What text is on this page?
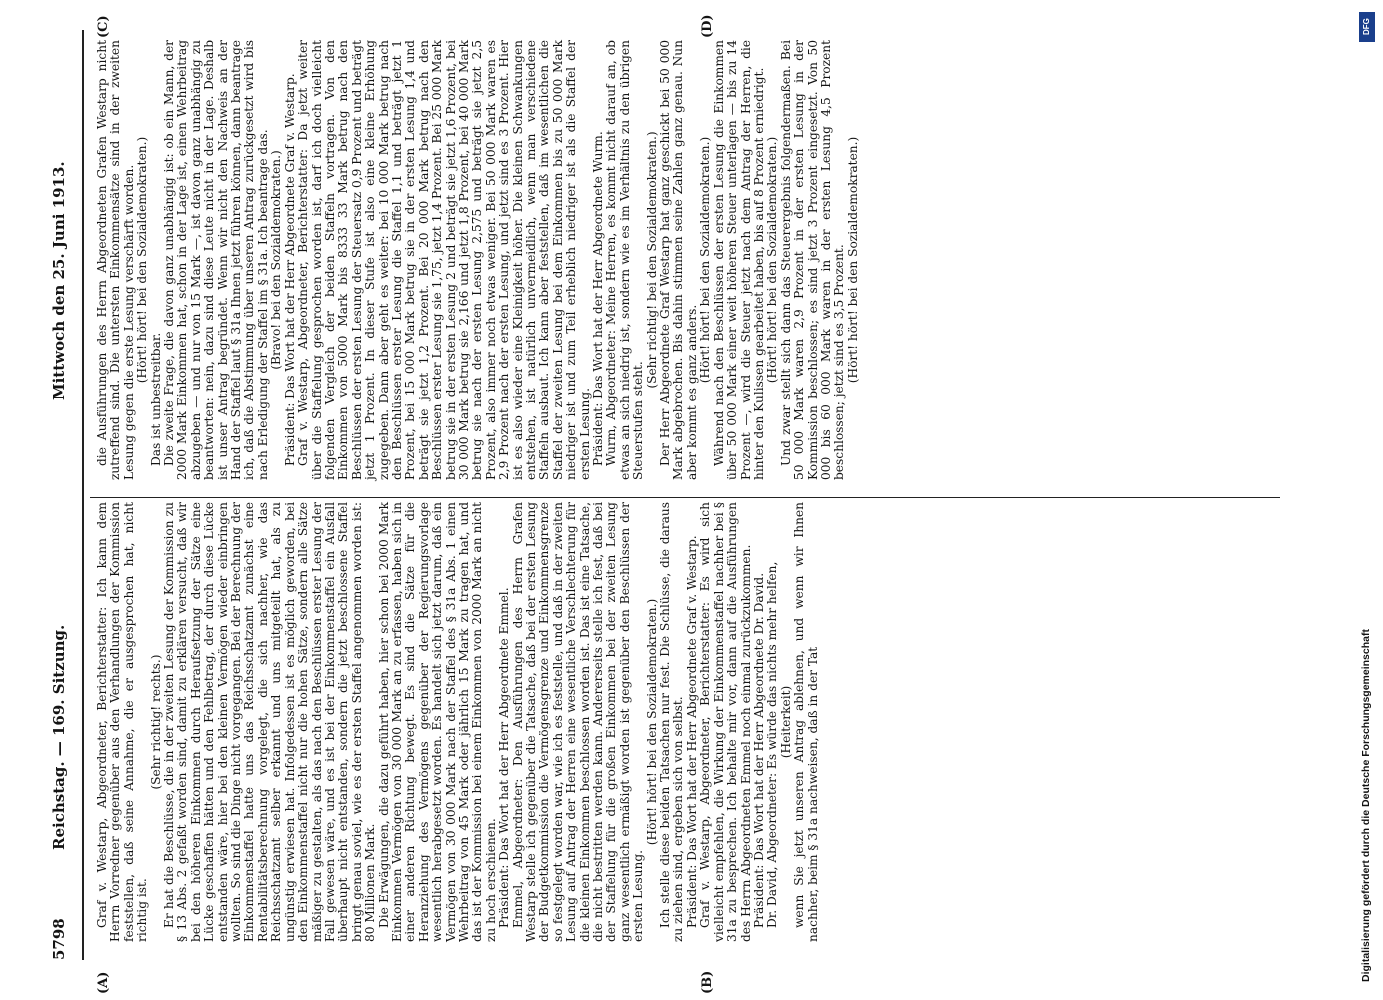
5798
Reichstag. — 169. Sitzung.
Mittwoch den 25. Juni 1913.
(A)	(B)
(C)	(D)

Graf v. Westarp, Abgeordneter, Berichterstatter: Ich kann dem Herrn Vorredner gegenüber aus den Verhandlungen der Kommission feststellen, daß seine Annahme, die er ausgesprochen hat, nicht richtig ist.

(Sehr richtig! rechts.) Er hat die Beschlüsse, die in der zweiten Lesung der Kommission zu § 13 Abs. 2 gefaßt worden sind, damit zu erklären versucht, daß wir bei den höheren Einkommen durch Heraufsetzung der Sätze eine Lücke geschaffen hätten und den Fehlbetrag, der durch diese Lücke entstanden wäre, hier bei den kleinen Vermögen wieder einbringen wollten. So sind die Dinge nicht vorgegangen. Bei der Berechnung der Einkommenstaffel hatte uns das Reichsschatzamt zunächst eine Rentabilitätsberechnung vorgelegt, die sich nachher, wie das Reichsschatzamt selber erkannt und uns mitgeteilt hat, als zu ungünstig erwiesen hat. Infolgedessen ist es möglich geworden, bei den Einkommenstaffel nicht nur die hohen Sätze, sondern alle Sätze mäßiger zu gestalten, als das nach den Beschlüssen erster Lesung der Fall gewesen wäre, und es ist bei der Einkommenstaffel ein Ausfall überhaupt nicht entstanden, sondern die jetzt beschlossene Staffel bringt genau soviel, wie es der ersten Staffel angenommen worden ist: 80 Millionen Mark. Die Erwägungen, die dazu geführt haben, hier schon bei 2000 Mark Einkommen Vermögen von 30 000 Mark an zu erfassen, haben sich in einer anderen Richtung bewegt. Es sind die Sätze für die Heranziehung des Vermögens gegenüber der Regierungsvorlage wesentlich herabgesetzt worden. Es handelt sich jetzt darum, daß ein Vermögen von 30 000 Mark nach der Staffel des § 31a Abs. 1 einen Wehrbeitrag von 45 Mark oder jährlich 15 Mark zu tragen hat, und das ist der Kommission bei einem Einkommen von 2000 Mark an nicht zu hoch erschienen. Präsident: Das Wort hat der Herr Abgeordnete Emmel. Emmel, Abgeordneter: Den Ausführungen des Herrn Grafen Westarp stelle ich gegenüber die Tatsache, daß bei der ersten Lesung der Budgetkommission die Vermögensgrenze und Einkommensgrenze so festgelegt worden war, wie ich es feststelle, und daß in der zweiten Lesung auf Antrag der Herren eine wesentliche Verschlechterung für die kleinen Einkommen beschlossen worden ist. Das ist eine Tatsache, die nicht bestritten werden kann. Andererseits stelle ich fest, daß bei der Staffelung für die großen Einkommen bei der zweiten Lesung ganz wesentlich ermäßigt worden ist gegenüber den Beschlüssen der ersten Lesung.

(Hört! hört! bei den Sozialdemokraten.) Ich stelle diese beiden Tatsachen nur fest. Die Schlüsse, die daraus zu ziehen sind, ergeben sich von selbst. Präsident: Das Wort hat der Herr Abgeordnete Graf v. Westarp. Graf v. Westarp, Abgeordneter, Berichterstatter: Es wird sich vielleicht empfehlen, die Wirkung der Einkommenstaffel nachher bei § 31a zu besprechen. Ich behalte mir vor, dann auf die Ausführungen des Herrn Abgeordneten Emmel noch einmal zurückzukommen. Präsident: Das Wort hat der Herr Abgeordnete Dr. David. Dr. David, Abgeordneter: Es würde das nichts mehr helfen, (Heiterkeit) wenn Sie jetzt unseren Antrag ablehnen, und wenn wir Ihnen nachher, beim § 31a nachweisen, daß in der Tat

die Ausführungen des Herrn Abgeordneten Grafen Westarp nicht zutreffend sind. Die untersten Einkommensätze sind in der zweiten Lesung gegen die erste Lesung verschärft worden. (Hört! hört! bei den Sozialdemokraten.)

Das ist unbestreitbar. Die zweite Frage, die davon ganz unabhängig ist: ob ein Mann, der 2000 Mark Einkommen hat, schon in der Lage ist, einen Wehrbeitrag abzugeben — und nur von 15 Mark —, ist davon ganz unabhängig zu beantworten: nein, dazu sind diese Leute nicht in der Lage. Deshalb ist unser Antrag begründet. Wenn wir nicht den Nachweis an der Hand der Staffel laut § 31a Ihnen jetzt führen können, dann beantrage ich, daß die Abstimmung über unseren Antrag zurückgesetzt wird bis nach Erledigung der Staffel im § 31a. Ich beantrage das. (Bravo! bei den Sozialdemokraten.) Präsident: Das Wort hat der Herr Abgeordnete Graf v. Westarp. Graf v. Westarp, Abgeordneter, Berichterstatter: Da jetzt weiter über die Staffelung gesprochen worden ist, darf ich doch vielleicht folgenden Vergleich der beiden Staffeln vortragen. Von den Einkommen von 5000 Mark bis 8333 33 Mark betrug nach den Beschlüssen der ersten Lesung der Steuersatz 0,9 Prozent und beträgt jetzt 1 Prozent. In dieser Stufe ist also eine kleine Erhöhung zugegeben. Dann aber geht es weiter: bei 10 000 Mark betrug nach den Beschlüssen erster Lesung die Staffel 1,1 und beträgt jetzt 1 Prozent, bei 15 000 Mark betrug sie in der ersten Lesung 1,4 und beträgt sie jetzt 1,2 Prozent. Bei 20 000 Mark betrug nach den Beschlüssen erster Lesung sie 1,75, jetzt 1,4 Prozent. Bei 25 000 Mark betrug sie in der ersten Lesung 2 und beträgt sie jetzt 1,6 Prozent, bei 30 000 Mark betrug sie 2,166 und jetzt 1,8 Prozent, bei 40 000 Mark betrug sie nach der ersten Lesung 2,575 und beträgt sie jetzt 2,5 Prozent, also immer noch etwas weniger. Bei 50 000 Mark waren es 2,9 Prozent nach der ersten Lesung, und jetzt sind es 3 Prozent. Hier ist es also wieder eine Kleinigkeit höher. Die kleinen Schwankungen entstehen, ist natürlich unvermeidlich, wenn man verschiedene Staffeln ausbaut. Ich kann aber feststellen, daß im wesentlichen die Staffel der zweiten Lesung bei dem Einkommen bis zu 50 000 Mark niedriger ist und zum Teil erheblich niedriger ist als die Staffel der ersten Lesung. Präsident: Das Wort hat der Herr Abgeordnete Wurm. Wurm, Abgeordneter: Meine Herren, es kommt nicht darauf an, ob etwas an sich niedrig ist, sondern wie es im Verhältnis zu den übrigen Steuerstufen steht.

(Sehr richtig! bei den Sozialdemokraten.) Der Herr Abgeordnete Graf Westarp hat ganz geschickt bei 50 000 Mark abgebrochen. Bis dahin stimmen seine Zahlen ganz genau. Nun aber kommt es ganz anders.

(Hört! hört! bei den Sozialdemokraten.) Während nach den Beschlüssen der ersten Lesung die Einkommen über 50 000 Mark einer weit höheren Steuer unterlagen — bis zu 14 Prozent —, wird die Steuer jetzt nach dem Antrag der Herren, die hinter den Kulissen gearbeitet haben, bis auf 8 Prozent erniedrigt. (Hört! hört! bei den Sozialdemokraten.) Und zwar stellt sich dann das Steuerergebnis folgendermaßen. Bei 50 000 Mark waren 2,9 Prozent in der ersten Lesung in der Kommission beschlossen; es sind jetzt 3 Prozent eingesetzt. Von 50 000 bis 60 000 Mark waren in der ersten Lesung 4,5 Prozent beschlossen; jetzt sind es 3,5 Prozent. (Hört! hört! bei den Sozialdemokraten.)

DFG
Digitalisierung gefördert durch die Deutsche Forschungsgemeinschaft
